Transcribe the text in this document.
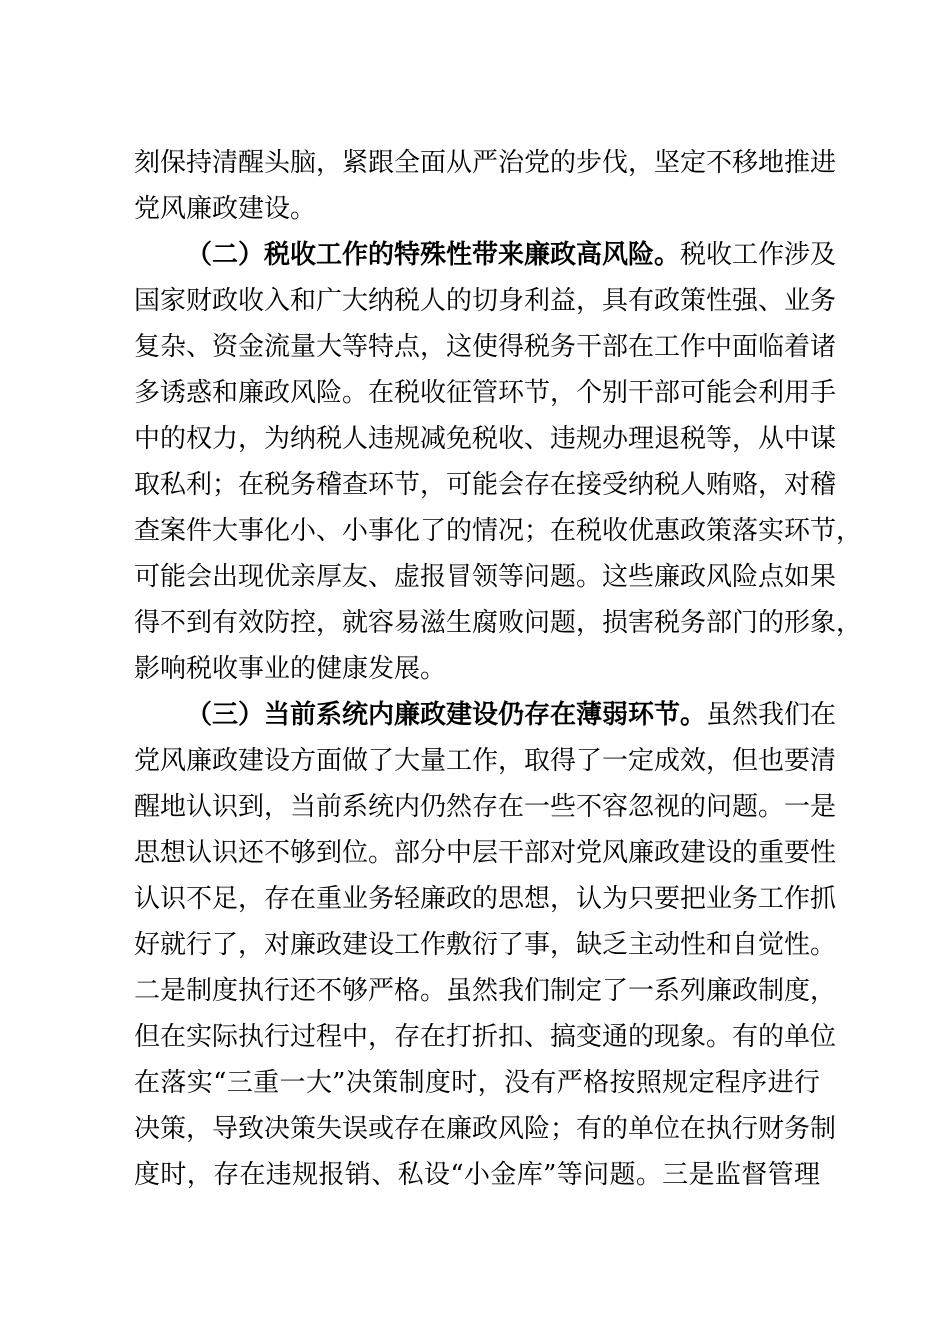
刻保持清醒头脑，紧跟全面从严治党的步伐，坚定不移地推进
党风廉政建设。
（二）税收工作的特殊性带来廉政高风险。税收工作涉及
国家财政收入和广大纳税人的切身利益，具有政策性强、业务
复杂、资金流量大等特点，这使得税务干部在工作中面临着诸
多诱惑和廉政风险。在税收征管环节，个别干部可能会利用手
中的权力，为纳税人违规减免税收、违规办理退税等，从中谋
取私利；在税务稽查环节，可能会存在接受纳税人贿赂，对稽
查案件大事化小、小事化了的情况；在税收优惠政策落实环节，
可能会出现优亲厚友、虚报冒领等问题。这些廉政风险点如果
得不到有效防控，就容易滋生腐败问题，损害税务部门的形象，
影响税收事业的健康发展。
（三）当前系统内廉政建设仍存在薄弱环节。虽然我们在
党风廉政建设方面做了大量工作，取得了一定成效，但也要清
醒地认识到，当前系统内仍然存在一些不容忽视的问题。一是
思想认识还不够到位。部分中层干部对党风廉政建设的重要性
认识不足，存在重业务轻廉政的思想，认为只要把业务工作抓
好就行了，对廉政建设工作敷衍了事，缺乏主动性和自觉性。
二是制度执行还不够严格。虽然我们制定了一系列廉政制度，
但在实际执行过程中，存在打折扣、搞变通的现象。有的单位
在落实“三重一大”决策制度时，没有严格按照规定程序进行
决策，导致决策失误或存在廉政风险；有的单位在执行财务制
度时，存在违规报销、私设“小金库”等问题。三是监督管理
